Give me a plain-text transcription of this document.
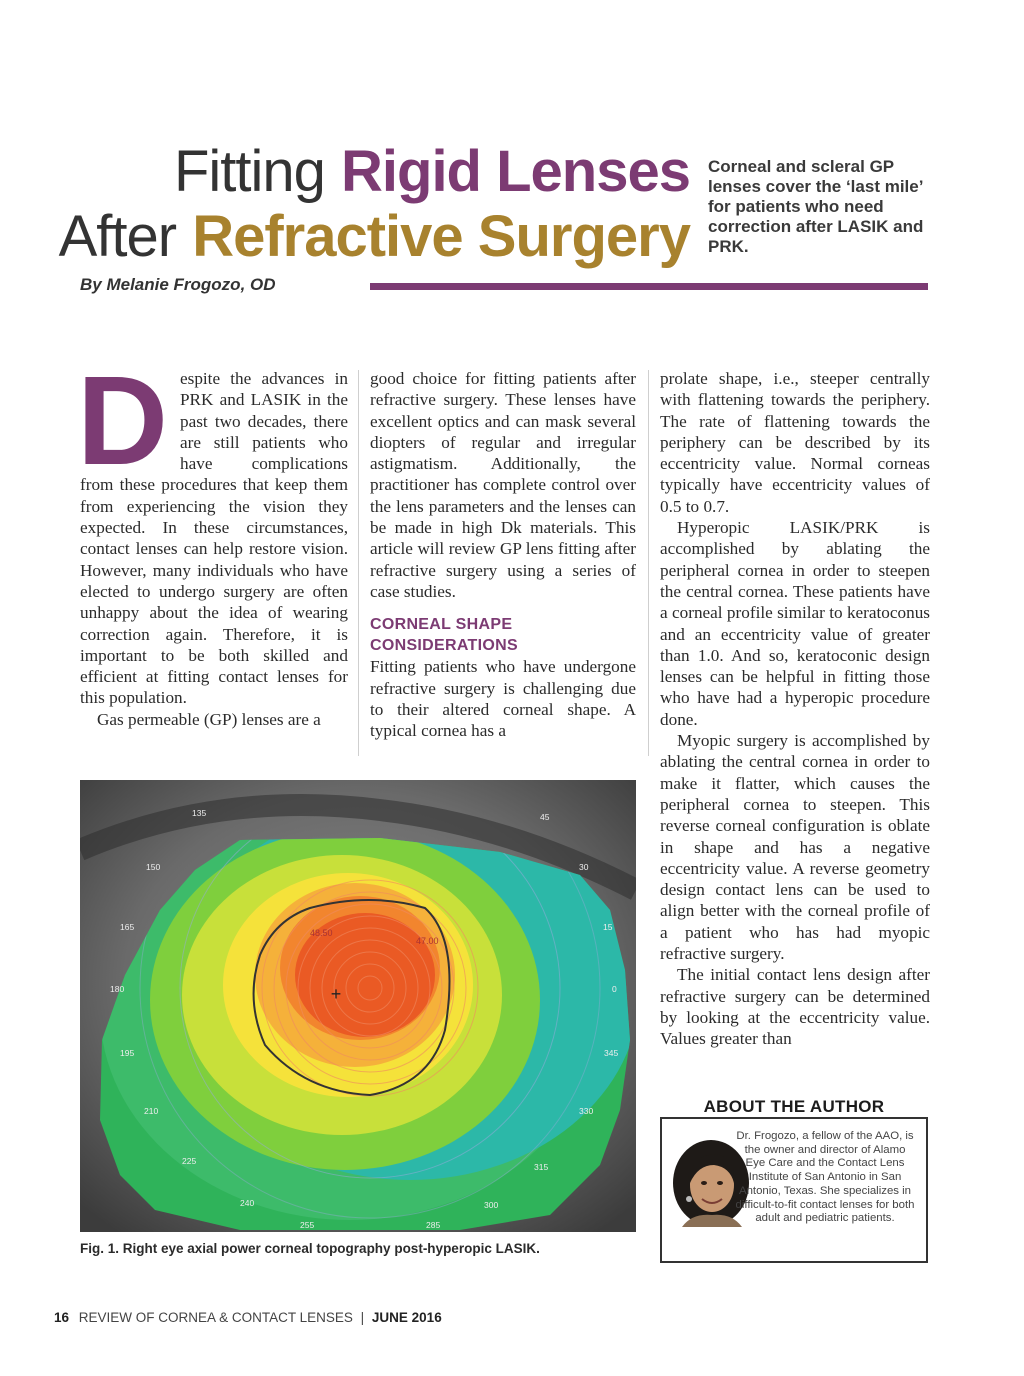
Fitting Rigid Lenses
After Refractive Surgery
Corneal and scleral GP lenses cover the ‘last mile’ for patients who need correction after LASIK and PRK.
By Melanie Frogozo, OD
D espite the advances in PRK and LASIK in the past two decades, there are still patients who have complications from these procedures that keep them from experiencing the vision they expected. In these circumstances, contact lenses can help restore vision. However, many individuals who have elected to undergo surgery are often unhappy about the idea of wearing correction again. Therefore, it is important to be both skilled and efficient at fitting contact lenses for this population.

Gas permeable (GP) lenses are a

good choice for fitting patients after refractive surgery. These lenses have excellent optics and can mask several diopters of regular and irregular astigmatism. Additionally, the practitioner has complete control over the lens parameters and the lenses can be made in high Dk materials. This article will review GP lens fitting after refractive surgery using a series of case studies.

CORNEAL SHAPE CONSIDERATIONS

Fitting patients who have undergone refractive surgery is challenging due to their altered corneal shape. A typical cornea has a

prolate shape, i.e., steeper centrally with flattening towards the periphery. The rate of flattening towards the periphery can be described by its eccentricity value. Normal corneas typically have eccentricity values of 0.5 to 0.7.

Hyperopic LASIK/PRK is accomplished by ablating the peripheral cornea in order to steepen the central cornea. These patients have a corneal profile similar to keratoconus and an eccentricity value of greater than 1.0. And so, keratoconic design lenses can be helpful in fitting those who have had a hyperopic procedure done.

Myopic surgery is accomplished by ablating the central cornea in order to make it flatter, which causes the peripheral cornea to steepen. This reverse corneal configuration is oblate in shape and has a negative eccentricity value. A reverse geometry design contact lens can be used to align better with the corneal profile of a patient who has had myopic refractive surgery.

The initial contact lens design after refractive surgery can be determined by looking at the eccentricity value. Values greater than

+
48.50
47.00
135	45
150	30
165	15
180	0
195	345
210	330
225
315
240	300
255	285
Fig. 1. Right eye axial power corneal topography post-hyperopic LASIK.
ABOUT THE AUTHOR
Dr. Frogozo, a fellow of the AAO, is the owner and director of Alamo Eye Care and the Contact Lens Institute of San Antonio in San Antonio, Texas. She specializes in difficult-to-fit contact lenses for both adult and pediatric patients.
16 REVIEW OF CORNEA & CONTACT LENSES | JUNE 2016
